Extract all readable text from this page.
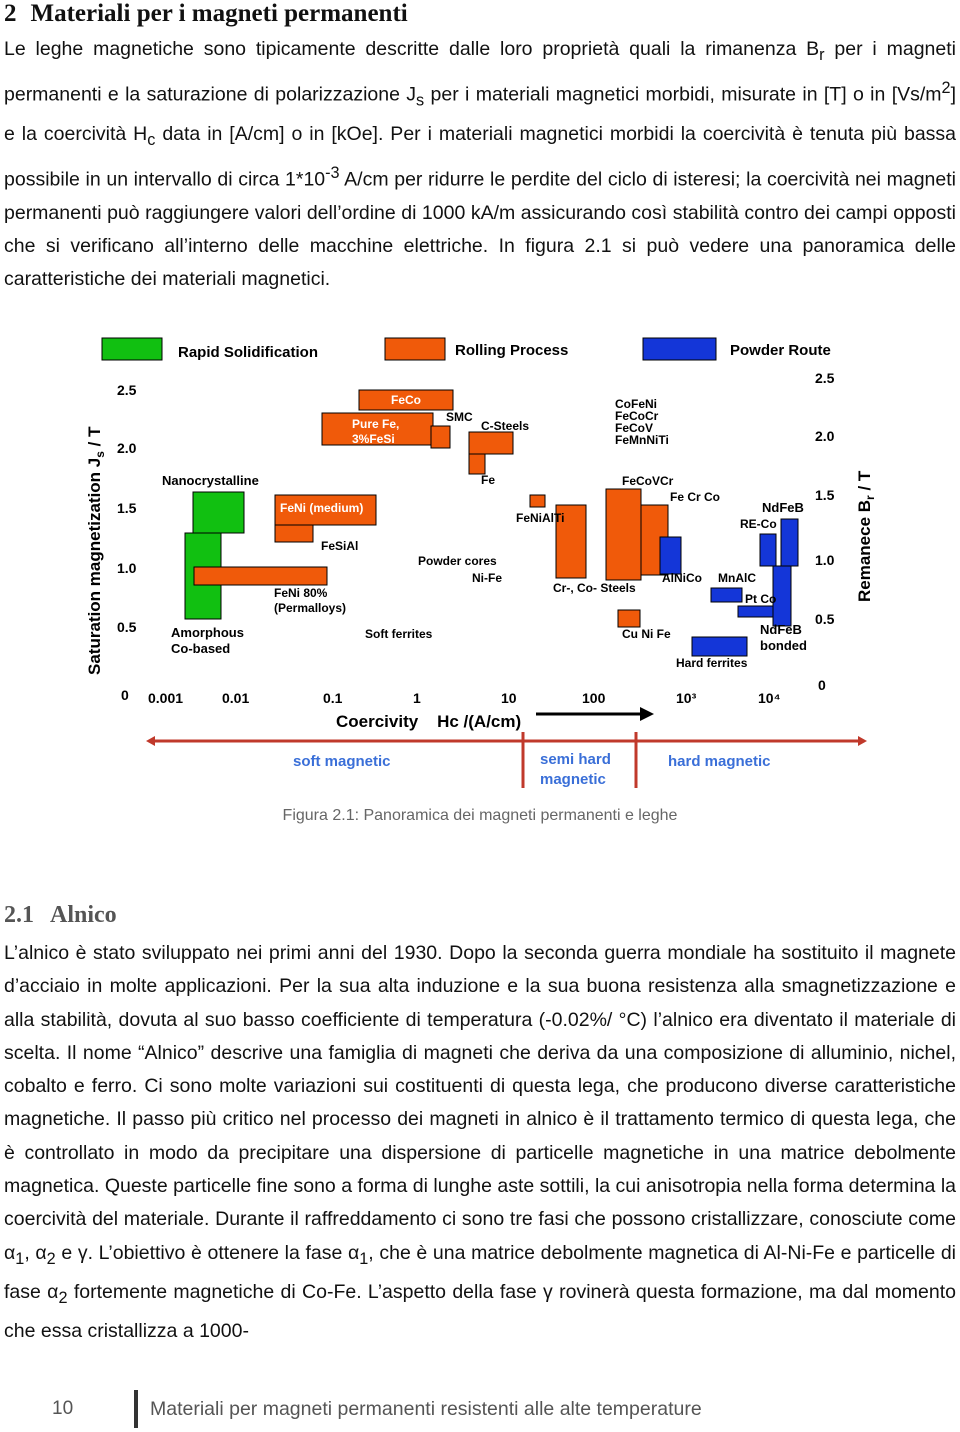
2 Materiali per i magneti permanenti

Le leghe magnetiche sono tipicamente descritte dalle loro proprietà quali la rimanenza $B_r$ per i magneti permanenti e la saturazione di polarizzazione $J_s$ per i materiali magnetici morbidi, misurate in [T] o in $[Vs/m^2]$ e la coercività $H_c$ data in [A/cm] o in [kOe]. Per i materiali magnetici morbidi la coercività è tenuta più bassa possibile in un intervallo di circa $1*10^{-3}$ A/cm per ridurre le perdite del ciclo di isteresi; la coercività nei magneti permanenti può raggiungere valori dell’ordine di 1000 kA/m assicurando così stabilità contro dei campi opposti che si verificano all’interno delle macchine elettriche. In figura 2.1 si può vedere una panoramica delle caratteristiche dei materiali magnetici.

Rapid Solidification	Rolling Process	Powder Route
Saturation magnetization $J_s$ / T
Remanece $B_r$ / T
2.5
2.0
1.5
1.0
0.5
0
2.5
2.0
1.5
1.0
0.5
0
0.001	0.01	0.1	1	10	100	10³	10⁴
Coercivity    Hc /(A/cm)
soft magnetic	semi hard magnetic
hard magnetic
Nanocrystalline
Amorphous Co-based
FeCo
Pure Fe, 3%FeSi
FeNi (medium)
FeSiAl
FeNi 80% (Permalloys)
SMC
C-Steels
Fe
Powder cores
Ni-Fe
Soft ferrites
FeNiAlTi
Cr-, Co- Steels
CoFeNi FeCoCr FeCoV FeMnNiTi
FeCoVCr
Fe Cr Co
AlNiCo MnAlC
Pt Co
Cu Ni Fe
Hard ferrites
NdFeB
RE-Co
NdFeB bonded
Figura 2.1: Panoramica dei magneti permanenti e leghe
2.1 Alnico

L’alnico è stato sviluppato nei primi anni del 1930. Dopo la seconda guerra mondiale ha sostituito il magnete d’acciaio in molte applicazioni. Per la sua alta induzione e la sua buona resistenza alla smagnetizzazione e alla stabilità, dovuta al suo basso coefficiente di temperatura (-0.02%/ °C) l’alnico era diventato il materiale di scelta. Il nome “Alnico” descrive una famiglia di magneti che deriva da una composizione di alluminio, nichel, cobalto e ferro. Ci sono molte variazioni sui costituenti di questa lega, che producono diverse caratteristiche magnetiche. Il passo più critico nel processo dei magneti in alnico è il trattamento termico di questa lega, che è controllato in modo da precipitare una dispersione di particelle magnetiche in una matrice debolmente magnetica. Queste particelle fine sono a forma di lunghe aste sottili, la cui anisotropia nella forma determina la coercività del materiale. Durante il raffreddamento ci sono tre fasi che possono cristallizzare, conosciute come $\alpha_1$, $\alpha_2$ e γ. L’obiettivo è ottenere la fase $\alpha_1$, che è una matrice debolmente magnetica di Al-Ni-Fe e particelle di fase $\alpha_2$ fortemente magnetiche di Co-Fe. L’aspetto della fase γ rovinerà questa formazione, ma dal momento che essa cristallizza a 1000-

10	Materiali per magneti permanenti resistenti alle alte temperature
